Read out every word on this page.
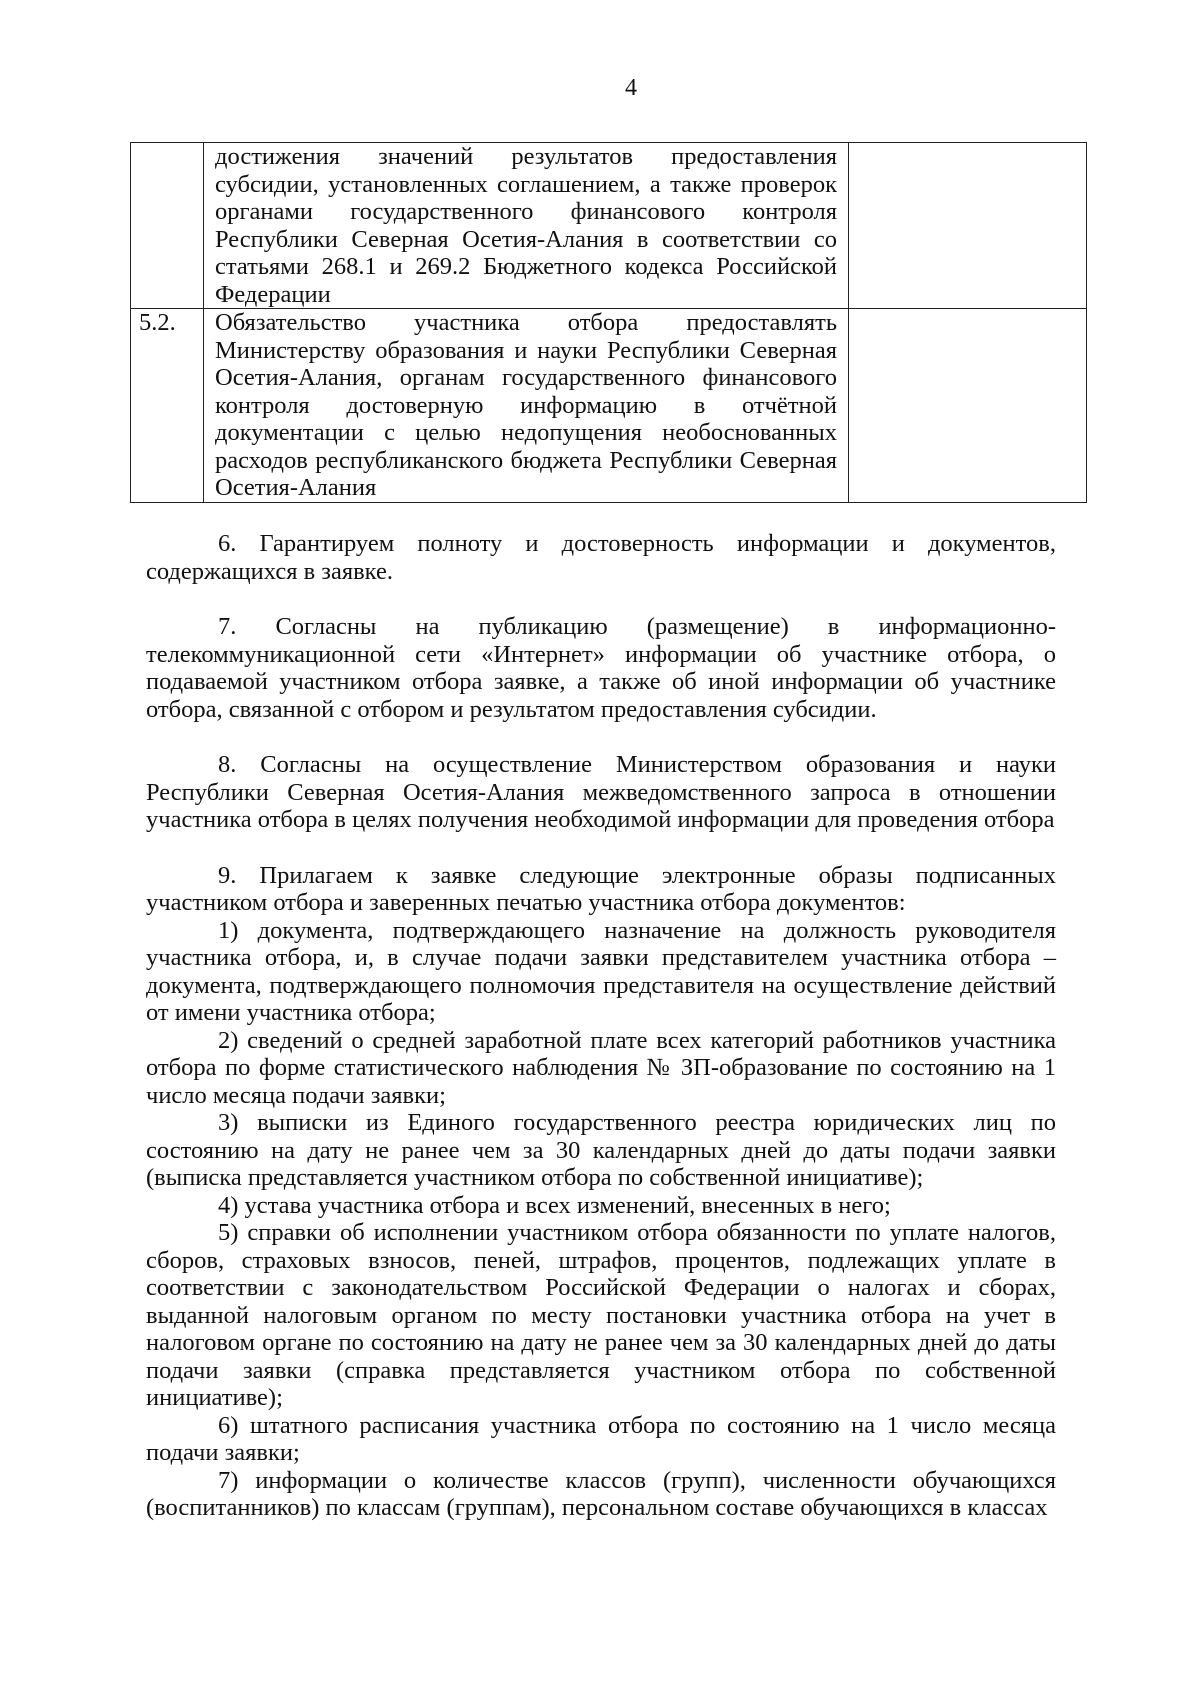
4
	достижения значений результатов предоставления субсидии, установленных соглашением, а также проверок органами государственного финансового контроля Республики Северная Осетия-Алания в соответствии со статьями 268.1 и 269.2 Бюджетного кодекса Российской Федерации	
5.2.	Обязательство участника отбора предоставлять Министерству образования и науки Республики Северная Осетия-Алания, органам государственного финансового контроля достоверную информацию в отчётной документации с целью недопущения необоснованных расходов республиканского бюджета Республики Северная Осетия-Алания	

6. Гарантируем полноту и достоверность информации и документов, содержащихся в заявке.

7. Согласны на публикацию (размещение) в информационно-телекоммуникационной сети «Интернет» информации об участнике отбора, о подаваемой участником отбора заявке, а также об иной информации об участнике отбора, связанной с отбором и результатом предоставления субсидии.

8. Согласны на осуществление Министерством образования и науки Республики Северная Осетия-Алания межведомственного запроса в отношении участника отбора в целях получения необходимой информации для проведения отбора

9. Прилагаем к заявке следующие электронные образы подписанных участником отбора и заверенных печатью участника отбора документов:

1) документа, подтверждающего назначение на должность руководителя участника отбора, и, в случае подачи заявки представителем участника отбора – документа, подтверждающего полномочия представителя на осуществление действий от имени участника отбора;

2) сведений о средней заработной плате всех категорий работников участника отбора по форме статистического наблюдения № ЗП-образование по состоянию на 1 число месяца подачи заявки;

3) выписки из Единого государственного реестра юридических лиц по состоянию на дату не ранее чем за 30 календарных дней до даты подачи заявки (выписка представляется участником отбора по собственной инициативе);

4) устава участника отбора и всех изменений, внесенных в него;

5) справки об исполнении участником отбора обязанности по уплате налогов, сборов, страховых взносов, пеней, штрафов, процентов, подлежащих уплате в соответствии с законодательством Российской Федерации о налогах и сборах, выданной налоговым органом по месту постановки участника отбора на учет в налоговом органе по состоянию на дату не ранее чем за 30 календарных дней до даты подачи заявки (справка представляется участником отбора по собственной инициативе);

6) штатного расписания участника отбора по состоянию на 1 число месяца подачи заявки;

7) информации о количестве классов (групп), численности обучающихся (воспитанников) по классам (группам), персональном составе обучающихся в классах
